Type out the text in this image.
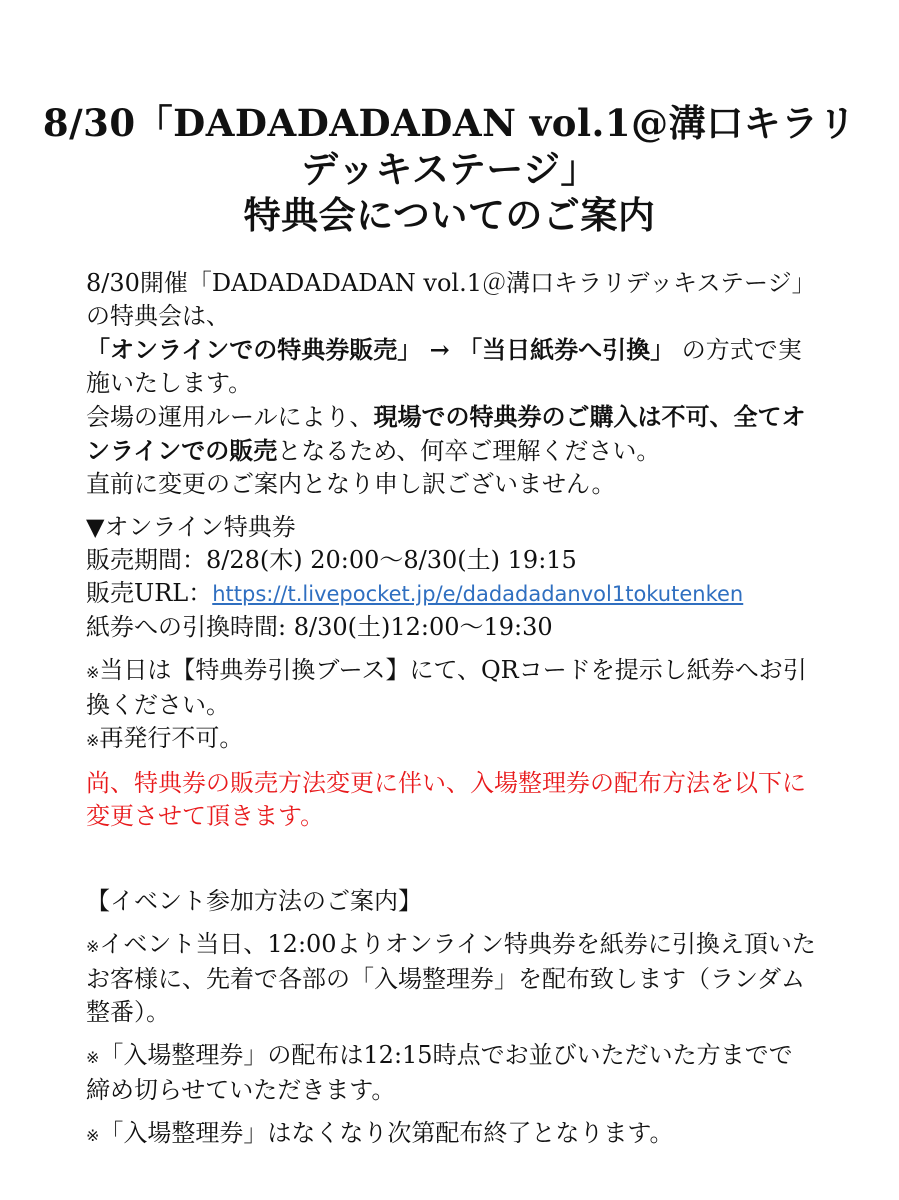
8/30「DADADADADAN vol.1@溝口キラリ
デッキステージ」
特典会についてのご案内

8/30開催「DADADADADAN vol.1＠溝口キラリデッキステージ」の特典会は、

「オンラインでの特典券販売」 → 「当日紙券へ引換」 の方式で実施いたします。

会場の運用ルールにより、現場での特典券のご購入は不可、全てオンラインでの販売となるため、何卒ご理解ください。

直前に変更のご案内となり申し訳ございません。

▼オンライン特典券

販売期間：8/28(木) 20:00〜8/30(土) 19:15

販売URL：https://t.livepocket.jp/e/dadadadanvol1tokutenken

紙券への引換時間: 8/30(土)12:00〜19:30

※当日は【特典券引換ブース】にて、QRコードを提示し紙券へお引換ください。

※再発行不可。

尚、特典券の販売方法変更に伴い、入場整理券の配布方法を以下に変更させて頂きます。

【イベント参加方法のご案内】

※イベント当日、12:00よりオンライン特典券を紙券に引換え頂いたお客様に、先着で各部の「入場整理券」を配布致します（ランダム整番）。

※「入場整理券」の配布は12:15時点でお並びいただいた方までで締め切らせていただきます。

※「入場整理券」はなくなり次第配布終了となります。
